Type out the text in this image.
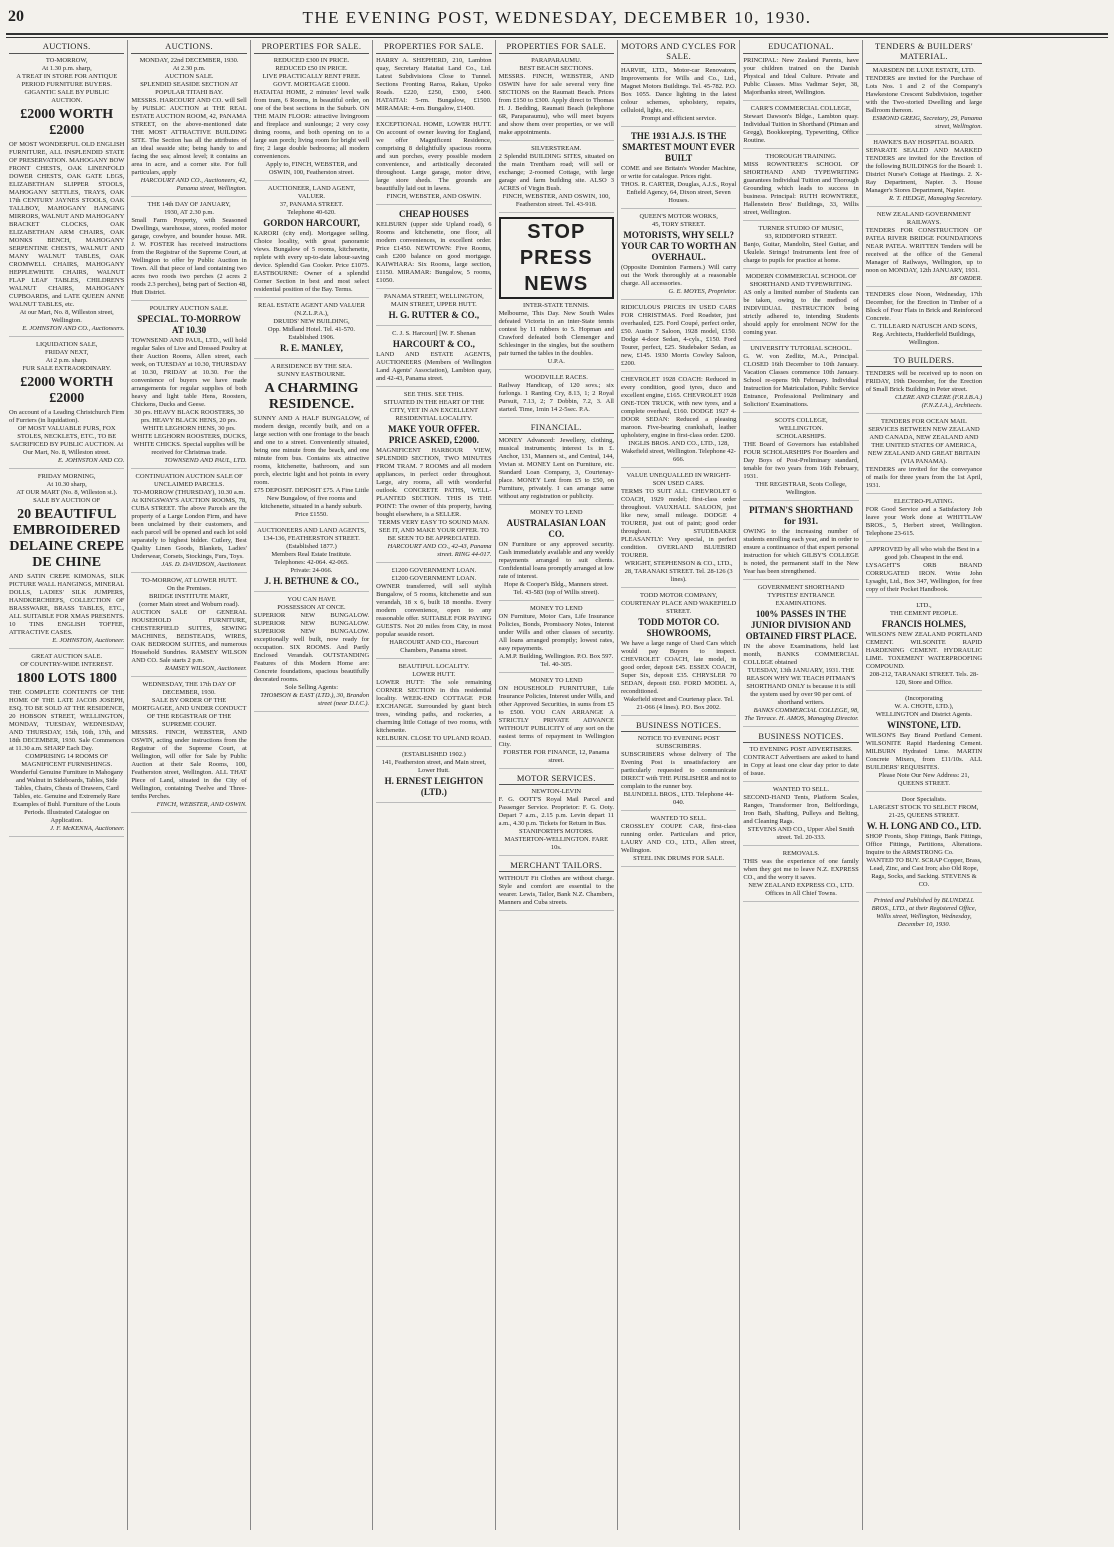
20	THE EVENING POST, WEDNESDAY, DECEMBER 10, 1930.
AUCTIONS.
TO-MORROW,
At 1.30 p.m. sharp,
A TREAT IN STORE FOR ANTIQUE PERIOD FURNITURE BUYERS.
GIGANTIC SALE BY PUBLIC AUCTION.
£2000 WORTH £2000
OF MOST WONDERFUL OLD ENGLISH FURNITURE, ALL INSPLENDID STATE OF PRESERVATION. MAHOGANY BOW FRONT CHESTS, OAK LINENFOLD DOWER CHESTS, OAK GATE LEGS, ELIZABETHAN SLIPPER STOOLS, MAHOGANY SETTLES, TRAYS, OAK 17th CENTURY JAYNES STOOLS, OAK TALLBOY, MAHOGANY HANGING MIRRORS, WALNUT AND MAHOGANY BRACKET CLOCKS, OAK ELIZABETHAN ARM CHAIRS, OAK MONKS BENCH, MAHOGANY SERPENTINE CHESTS, WALNUT AND MANY WALNUT TABLES, OAK CROMWELL CHAIRS, MAHOGANY HEPPLEWHITE CHAIRS, WALNUT FLAP LEAF TABLES, CHILDREN'S WALNUT CHAIRS, MAHOGANY CUPBOARDS, and LATE QUEEN ANNE WALNUT TABLES, etc.
At our Mart, No. 8, Willeston street, Wellington.
E. JOHNSTON AND CO., Auctioneers.
LIQUIDATION SALE,
FRIDAY NEXT,
At 2 p.m. sharp.
FUR SALE EXTRAORDINARY.
£2000 WORTH £2000
On account of a Leading Christchurch Firm of Furriers (in liquidation).
OF MOST VALUABLE FURS, FOX STOLES, NECKLETS, ETC., TO BE SACRIFICED BY PUBLIC AUCTION. At Our Mart, No. 8, Willeston street.
E. JOHNSTON AND CO.
FRIDAY MORNING,
At 10.30 sharp,
AT OUR MART (No. 8, Willeston st.).
SALE BY AUCTION OF
20 BEAUTIFUL EMBROIDERED DELAINE CREPE DE CHINE
AND SATIN CREPE KIMONAS, SILK PICTURE WALL HANGINGS, MINERAL DOLLS, LADIES' SILK JUMPERS, HANDKERCHIEFS, COLLECTION OF BRASSWARE, BRASS TABLES, ETC., ALL SUITABLE FOR XMAS PRESENTS. 10 TINS ENGLISH TOFFEE, ATTRACTIVE CASES.
E. JOHNSTON, Auctioneer.
GREAT AUCTION SALE.
OF COUNTRY-WIDE INTEREST.
1800 LOTS 1800
THE COMPLETE CONTENTS OF THE HOME OF THE LATE JACOB JOSEPH, ESQ. TO BE SOLD AT THE RESIDENCE, 20 HOBSON STREET, WELLINGTON, MONDAY, TUESDAY, WEDNESDAY, AND THURSDAY, 15th, 16th, 17th, and 18th DECEMBER, 1930. Sale Commences at 11.30 a.m. SHARP Each Day.
COMPRISING 14 ROOMS OF MAGNIFICENT FURNISHINGS. Wonderful Genuine Furniture in Mahogany and Walnut in Sideboards, Tables, Side Tables, Chairs, Chests of Drawers, Card Tables, etc. Genuine and Extremely Rare Examples of Buhl. Furniture of the Louis Periods. Illustrated Catalogue on Application.
J. F. McKENNA, Auctioneer.
AUCTIONS.
MONDAY, 22nd DECEMBER, 1930.
At 2.30 p.m.
AUCTION SALE.
SPLENDID SEASIDE SECTION AT POPULAR TITAHI BAY.
MESSRS. HARCOURT AND CO. will Sell by PUBLIC AUCTION at THE REAL ESTATE AUCTION ROOM, 42, PANAMA STREET, on the above-mentioned date THE MOST ATTRACTIVE BUILDING SITE. The Section has all the attributes of an ideal seaside site; being handy to and facing the sea; almost level; it contains an area in acre, and a corner site. For full particulars, apply
HARCOURT AND CO., Auctioneers, 42, Panama street, Wellington.
THE 14th DAY OF JANUARY,
1930, AT 2.30 p.m.
Small Farm Property, with Seasoned Dwellings, warehouse, stores, roofed motor garage, cowbyre, and bounder house. MR. J. W. FOSTER has received instructions from the Registrar of the Supreme Court, at Wellington to offer by Public Auction in Town. All that piece of land containing two acres two roods two perches (2 acres 2 roods 2.3 perches), being part of Section 48, Hutt District.
POULTRY AUCTION SALE.
SPECIAL. TO-MORROW AT 10.30
TOWNSEND AND PAUL, LTD., will hold regular Sales of Live and Dressed Poultry at their Auction Rooms, Allen street, each week, on TUESDAY at 10.30, THURSDAY at 10.30, FRIDAY at 10.30. For the convenience of buyers we have made arrangements for regular supplies of both heavy and light table Hens, Roosters, Chickens, Ducks and Geese.
30 prs. HEAVY BLACK ROOSTERS, 30 prs. HEAVY BLACK HENS, 20 prs. WHITE LEGHORN HENS, 30 prs. WHITE LEGHORN ROOSTERS, DUCKS, WHITE CHICKS. Special supplies will be received for Christmas trade.
TOWNSEND AND PAUL, LTD.
CONTINUATION AUCTION SALE OF UNCLAIMED PARCELS.
TO-MORROW (THURSDAY), 10.30 a.m.
At KINGSWAY'S AUCTION ROOMS, 78, CUBA STREET. The above Parcels are the property of a Large London Firm, and have been unclaimed by their customers, and each parcel will be opened and each lot sold separately to highest bidder. Cutlery, Best Quality Linen Goods, Blankets, Ladies' Underwear, Corsets, Stockings, Furs, Toys.
JAS. D. DAVIDSON, Auctioneer.
TO-MORROW, AT LOWER HUTT.
On the Premises.
BRIDGE INSTITUTE MART,
(corner Main street and Woburn road).
AUCTION SALE OF GENERAL HOUSEHOLD FURNITURE, CHESTERFIELD SUITES, SEWING MACHINES, BEDSTEADS, WIRES, OAK BEDROOM SUITES, and numerous Household Sundries. RAMSEY WILSON AND CO. Sale starts 2 p.m.
RAMSEY WILSON, Auctioneer.
WEDNESDAY, THE 17th DAY OF DECEMBER, 1930.
SALE BY ORDER OF THE MORTGAGEE, AND UNDER CONDUCT OF THE REGISTRAR OF THE SUPREME COURT.
MESSRS. FINCH, WEBSTER, AND OSWIN, acting under instructions from the Registrar of the Supreme Court, at Wellington, will offer for Sale by Public Auction at their Sale Rooms, 100, Featherston street, Wellington. ALL THAT Piece of Land, situated in the City of Wellington, containing Twelve and Three-tenths Perches.
FINCH, WEBSTER, AND OSWIN.
PROPERTIES FOR SALE.
REDUCED £300 IN PRICE.
REDUCED £50 IN PRICE.
LIVE PRACTICALLY RENT FREE.
GOVT. MORTGAGE £1000.
HATAITAI HOME, 2 minutes' level walk from tram, 6 Rooms, in beautiful order, on one of the best sections in the Suburb. ON THE MAIN FLOOR: attractive livingroom and fireplace and sunlounge; 2 very cosy dining rooms, and both opening on to a large sun porch; living room for bright well fire; 2 large double bedrooms; all modern conveniences.
Apply to, FINCH, WEBSTER, and OSWIN, 100, Featherston street.
AUCTIONEER, LAND AGENT,
VALUER.
37, PANAMA STREET.
Telephone 40-620.
GORDON HARCOURT,
KARORI (city end). Mortgagee selling. Choice locality, with great panoramic views. Bungalow of 5 rooms, kitchenette, replete with every up-to-date labour-saving device. Splendid Gas Cooker. Price £1075. EASTBOURNE: Owner of a splendid Corner Section in best and most select residential position of the Bay. Terms.
REAL ESTATE AGENT AND VALUER (N.Z.L.P.A.),
DRUIDS' NEW BUILDING,
Opp. Midland Hotel. Tel. 41-570.
Established 1906.
R. E. MANLEY,
A RESIDENCE BY THE SEA.
SUNNY EASTBOURNE.
A CHARMING RESIDENCE.
SUNNY AND A HALF BUNGALOW, of modern design, recently built, and on a large section with one frontage to the beach and one to a street. Conveniently situated, being one minute from the beach, and one minute from bus. Contains six attractive rooms, kitchenette, bathroom, and sun porch, electric light and hot points in every room.
£75 DEPOSIT. DEPOSIT £75. A Fine Little New Bungalow, of five rooms and kitchenette, situated in a handy suburb. Price £1550.
AUCTIONEERS AND LAND AGENTS,
134-136, FEATHERSTON STREET.
(Established 1877.)
Members Real Estate Institute.
Telephones: 42-064. 42-065.
Private: 24-066.
J. H. BETHUNE & CO.,
YOU CAN HAVE
POSSESSION AT ONCE.
SUPERIOR NEW BUNGALOW. SUPERIOR NEW BUNGALOW. SUPERIOR NEW BUNGALOW. exceptionally well built, now ready for occupation. SIX ROOMS. And Partly Enclosed Verandah. OUTSTANDING Features of this Modern Home are: Concrete foundations, spacious beautifully decorated rooms.
Sole Selling Agents:
THOMSON & EAST (LTD.), 30, Brandon street (near D.I.C.).
PROPERTIES FOR SALE.
HARRY A. SHEPHERD, 210, Lambton quay, Secretary Hataitai Land Co., Ltd. Latest Subdivisions Close to Tunnel. Sections Fronting Raroa, Rakau, Upoko Roads. £220, £250, £300, £400. HATAITAI: 5-rm. Bungalow, £1500. MIRAMAR: 4-rm. Bungalow, £1400.
EXCEPTIONAL HOME, LOWER HUTT. On account of owner leaving for England, we offer Magnificent Residence, comprising 8 delightfully spacious rooms and sun porches, every possible modern convenience, and artistically decorated throughout. Large garage, motor drive, large store sheds. The grounds are beautifully laid out in lawns.
FINCH, WEBSTER, AND OSWIN.
CHEAP HOUSES
KELBURN (upper side Upland road), 6 Rooms and kitchenette, one floor, all modern conveniences, in excellent order. Price £1450. NEWTOWN: Five Rooms, cash £200 balance on good mortgage. KAIWHARA: Six Rooms, large section, £1150. MIRAMAR: Bungalow, 5 rooms, £1050.
PANAMA STREET, WELLINGTON,
MAIN STREET, UPPER HUTT.
H. G. RUTTER & CO.,
C. J. S. Harcourt] [W. F. Shenan
HARCOURT & CO.,
LAND AND ESTATE AGENTS, AUCTIONEERS (Members of Wellington Land Agents' Association), Lambton quay, and 42-43, Panama street.
SEE THIS. SEE THIS.
SITUATED IN THE HEART OF THE CITY, YET IN AN EXCELLENT RESIDENTIAL LOCALITY.
MAKE YOUR OFFER. PRICE ASKED, £2000.
MAGNIFICENT HARBOUR VIEW, SPLENDID SECTION, TWO MINUTES FROM TRAM. 7 ROOMS and all modern appliances, in perfect order throughout. Large, airy rooms, all with wonderful outlook. CONCRETE PATHS, WELL-PLANTED SECTION. THIS IS THE POINT: The owner of this property, having bought elsewhere, is a SELLER.
TERMS VERY EASY TO SOUND MAN. SEE IT, AND MAKE YOUR OFFER. TO BE SEEN TO BE APPRECIATED.
HARCOURT AND CO., 42-43, Panama street. RING 44-017.
£1200 GOVERNMENT LOAN.
£1200 GOVERNMENT LOAN.
OWNER transferred, will sell stylish Bungalow, of 5 rooms, kitchenette and sun verandah, 18 x 6, built 18 months. Every modern convenience, open to any reasonable offer. SUITABLE FOR PAYING GUESTS. Not 20 miles from City, in most popular seaside resort.
HARCOURT AND CO., Harcourt Chambers, Panama street.
BEAUTIFUL LOCALITY.
LOWER HUTT.
LOWER HUTT: The sole remaining CORNER SECTION in this residential locality. WEEK-END COTTAGE FOR EXCHANGE. Surrounded by giant birch trees, winding paths, and rockeries, a charming little Cottage of two rooms, with kitchenette.
KELBURN. CLOSE TO UPLAND ROAD.
(ESTABLISHED 1902.)
141, Featherston street, and Main street, Lower Hutt.
H. ERNEST LEIGHTON (LTD.)
PROPERTIES FOR SALE.
PARAPARAUMU.
BEST BEACH SECTIONS.
MESSRS. FINCH, WEBSTER, AND OSWIN have for sale several very fine SECTIONS on the Raumati Beach. Prices from £150 to £300. Apply direct to Thomas H. J. Bedding, Raumati Beach (telephone 6R, Paraparaumu), who will meet buyers and show them over properties, or we will make appointments.
SILVERSTREAM.
2 Splendid BUILDING SITES, situated on the main Trentham road; will sell or exchange; 2-roomed Cottage, with large garage and farm building site. ALSO 3 ACRES of Virgin Bush.
FINCH, WEBSTER, AND OSWIN, 100, Featherston street. Tel. 43-918.
STOP PRESS NEWS
INTER-STATE TENNIS.
Melbourne, This Day. New South Wales defeated Victoria in an inter-State tennis contest by 11 rubbers to 5. Hopman and Crawford defeated both Clemenger and Schlesinger in the singles, but the southern pair turned the tables in the doubles.
U.P.A.
WOODVILLE RACES.
Railway Handicap, of 120 sovs.; six furlongs. 1 Ranting Cry, 8.13, 1; 2 Royal Pursuit, 7.13, 2; 7 Dobbin, 7.2, 3. All started. Time, 1min 14 2-5sec. P.A.
FINANCIAL.
MONEY Advanced: Jewellery, clothing, musical instruments; interest 1s in £. Anchor, 131, Manners st., and Central, 144, Vivian st. MONEY Lent on Furniture, etc. Standard Loan Company, 3, Courtenay-place. MONEY Lent from £5 to £50, on Furniture, privately. I can arrange same without any registration or publicity.
MONEY TO LEND
AUSTRALASIAN LOAN CO.
ON Furniture or any approved security. Cash immediately available and any weekly repayments arranged to suit clients. Confidential loans promptly arranged at low rate of interest.
Hope & Cooper's Bldg., Manners street. Tel. 43-583 (top of Willis street).
MONEY TO LEND
ON Furniture, Motor Cars, Life Insurance Policies, Bonds, Promissory Notes, Interest under Wills and other classes of security. All loans arranged promptly; lowest rates, easy repayments.
A.M.P. Building, Wellington. P.O. Box 597. Tel. 40-305.
MONEY TO LEND
ON HOUSEHOLD FURNITURE, Life Insurance Policies, Interest under Wills, and other Approved Securities, in sums from £5 to £500. YOU CAN ARRANGE A STRICTLY PRIVATE ADVANCE WITHOUT PUBLICITY of any sort on the easiest terms of repayment in Wellington City.
FORSTER FOR FINANCE, 12, Panama street.
MOTOR SERVICES.
NEWTON-LEVIN
F. G. OOTT'S Royal Mail Parcel and Passenger Service. Proprietor: F. G. Ooty. Depart 7 a.m., 2.15 p.m. Levin depart 11 a.m., 4.30 p.m. Tickets for Return in Bus.
STANIFORTH'S MOTORS. MASTERTON-WELLINGTON. FARE 10s.
MERCHANT TAILORS.
WITHOUT Fit Clothes are without charge. Style and comfort are essential to the wearer. Lewis, Tailor, Bank N.Z. Chambers, Manners and Cuba streets.
MOTORS AND CYCLES FOR SALE.
HARVIE, LTD., Motor-car Renovators, Improvements for Wills and Co., Ltd., Magnet Motors Buildings. Tel. 45-782. P.O. Box 1055. Dance lighting in the latest colour schemes, upholstery, repairs, celluloid, lights, etc.
Prompt and efficient service.
THE 1931 A.J.S. IS THE SMARTEST MOUNT EVER BUILT
COME and see Britain's Wonder Machine, or write for catalogue. Prices right.
THOS. R. CARTER, Douglas, A.J.S., Royal Enfield Agency, 64, Dixon street, Seven Houses.
QUEEN'S MOTOR WORKS,
45, TORY STREET.
MOTORISTS, WHY SELL? YOUR CAR TO WORTH AN OVERHAUL.
(Opposite Dominion Farmers.) Will carry out the Work thoroughly at a reasonable charge. All accessories.
G. E. MOYES, Proprietor.
RIDICULOUS PRICES IN USED CARS FOR CHRISTMAS. Ford Roadster, just overhauled, £25. Ford Coupé, perfect order, £50. Austin 7 Saloon, 1928 model, £150. Dodge 4-door Sedan, 4-cyls., £150. Ford Tourer, perfect, £25. Studebaker Sedan, as new, £145. 1930 Morris Cowley Saloon, £200.
CHEVROLET 1928 COACH: Reduced in every condition, good tyres, duco and excellent engine, £165. CHEVROLET 1928 ONE-TON TRUCK, with new tyres, and a complete overhaul, £160. DODGE 1927 4-DOOR SEDAN: Reduced a pleasing maroon. Five-bearing crankshaft, leather upholstery, engine in first-class order. £200.
INGLIS BROS. AND CO., LTD., 128, Wakefield street, Wellington. Telephone 42-666.
VALUE UNEQUALLED IN WRIGHT-SON USED CARS.
TERMS TO SUIT ALL. CHEVROLET 6 COACH, 1929 model; first-class order throughout. VAUXHALL SALOON, just like new, small mileage. DODGE 4 TOURER, just out of paint; good order throughout. STUDEBAKER PLEASANTLY: Very special, in perfect condition. OVERLAND BLUEBIRD TOURER.
WRIGHT, STEPHENSON & CO., LTD., 28, TARANAKI STREET. Tel. 28-126 (3 lines).
TODD MOTOR COMPANY, COURTENAY PLACE AND WAKEFIELD STREET.
TODD MOTOR CO. SHOWROOMS,
We have a large range of Used Cars which would pay Buyers to inspect. CHEVROLET COACH, late model, in good order, deposit £45. ESSEX COACH, Super Six, deposit £35. CHRYSLER 70 SEDAN, deposit £60. FORD MODEL A, reconditioned.
Wakefield street and Courtenay place. Tel. 21-066 (4 lines). P.O. Box 2002.
BUSINESS NOTICES.
NOTICE TO EVENING POST SUBSCRIBERS.
SUBSCRIBERS whose delivery of The Evening Post is unsatisfactory are particularly requested to communicate DIRECT with THE PUBLISHER and not to complain to the runner boy.
BLUNDELL BROS., LTD. Telephone 44-040.
WANTED TO SELL.
CROSSLEY COUPE CAR, first-class running order. Particulars and price, LAURY AND CO., LTD., Allen street, Wellington.
STEEL INK DRUMS FOR SALE.
EDUCATIONAL.
PRINCIPAL: New Zealand Parents, have your children trained on the Danish Physical and Ideal Culture. Private and Public Classes. Miss Vadimar Sejer, 38, Majoribanks street, Wellington.
CARR'S COMMERCIAL COLLEGE,
Stewart Dawson's Bldge., Lambton quay. Individual Tuition in Shorthand (Pitman and Gregg), Bookkeeping, Typewriting, Office Routine.
THOROUGH TRAINING.
MISS ROWNTREE'S SCHOOL OF SHORTHAND AND TYPEWRITING guarantees Individual Tuition and Thorough Grounding which leads to success in business. Principal: RUTH ROWNTREE, Hallenstein Bros' Buildings, 33, Willis street, Wellington.
TURNER STUDIO OF MUSIC,
93, RIDDIFORD STREET.
Banjo, Guitar, Mandolin, Steel Guitar, and Ukulele. Strings! Instruments lent free of charge to pupils for practice at home.
MODERN COMMERCIAL SCHOOL OF SHORTHAND AND TYPEWRITING.
AS only a limited number of Students can be taken, owing to the method of INDIVIDUAL INSTRUCTION being strictly adhered to, intending Students should apply for enrolment NOW for the coming year.
UNIVERSITY TUTORIAL SCHOOL.
G. W. von Zedlitz, M.A., Principal. CLOSED 16th December to 10th January. Vacation Classes commence 10th January. School re-opens 9th February. Individual Instruction for Matriculation, Public Service Entrance, Professional Preliminary and Solicitors' Examinations.
SCOTS COLLEGE,
WELLINGTON.
SCHOLARSHIPS.
THE Board of Governors has established FOUR SCHOLARSHIPS For Boarders and Day Boys of Post-Preliminary standard, tenable for two years from 16th February, 1931.
THE REGISTRAR, Scots College, Wellington.
PITMAN'S SHORTHAND for 1931.
OWING to the increasing number of students enrolling each year, and in order to ensure a continuance of that expert personal instruction for which GILBY'S COLLEGE is noted, the permanent staff in the New Year has been strengthened.
GOVERNMENT SHORTHAND TYPISTES' ENTRANCE EXAMINATIONS.
100% PASSES IN THE JUNIOR DIVISION AND OBTAINED FIRST PLACE.
IN the above Examinations, held last month, BANKS COMMERCIAL COLLEGE obtained
TUESDAY, 13th JANUARY, 1931. THE REASON WHY WE TEACH PITMAN'S SHORTHAND ONLY is because it is still the system used by over 90 per cent. of shorthand writers.
BANKS COMMERCIAL COLLEGE, 98, The Terrace. H. AMOS, Managing Director.
BUSINESS NOTICES.
TO EVENING POST ADVERTISERS.
CONTRACT Advertisers are asked to hand in Copy at least one clear day prior to date of issue.
WANTED TO SELL.
SECOND-HAND Tents, Platform Scales, Ranges, Transformer Iron, Beltfordings, Iron Bath, Shafting, Pulleys and Belting, and Cleaning Rags.
STEVENS AND CO., Upper Abel Smith street. Tel. 20-333.
REMOVALS.
THIS was the experience of one family when they got me to leave N.Z. EXPRESS CO., and the worry it saves.
NEW ZEALAND EXPRESS CO., LTD. Offices in All Chief Towns.
TENDERS & BUILDERS' MATERIAL.
MARSDEN DE LUXE ESTATE, LTD.
TENDERS are invited for the Purchase of Lots Nos. 1 and 2 of the Company's Hawkestone Crescent Subdivision, together with the Two-storied Dwelling and large Ballroom thereon.
ESMOND GREIG, Secretary, 29, Panama street, Wellington.
HAWKE'S BAY HOSPITAL BOARD.
SEPARATE SEALED AND MARKED TENDERS are invited for the Erection of the following BUILDINGS for the Board: 1. District Nurse's Cottage at Hastings. 2. X-Ray Department, Napier. 3. House Manager's Stores Department, Napier.
R. T. HEDGE, Managing Secretary.
NEW ZEALAND GOVERNMENT RAILWAYS.
TENDERS FOR CONSTRUCTION OF PATEA RIVER BRIDGE FOUNDATIONS NEAR PATEA. WRITTEN Tenders will be received at the office of the General Manager of Railways, Wellington, up to noon on MONDAY, 12th JANUARY, 1931.
BY ORDER.
TENDERS close Noon, Wednesday, 17th December, for the Erection in Timber of a Block of Four Flats in Brick and Reinforced Concrete.
C. TILLEARD NATUSCH AND SONS, Reg. Architects, Hudderfield Buildings, Wellington.
TO BUILDERS.
TENDERS will be received up to noon on FRIDAY, 19th December, for the Erection of Small Brick Building in Peter street.
CLERE AND CLERE (F.R.I.B.A.) (F.N.Z.I.A.), Architects.
TENDERS FOR OCEAN MAIL SERVICES BETWEEN NEW ZEALAND AND CANADA, NEW ZEALAND AND THE UNITED STATES OF AMERICA, NEW ZEALAND AND GREAT BRITAIN (VIA PANAMA).
TENDERS are invited for the conveyance of mails for three years from the 1st April, 1931.
ELECTRO-PLATING.
FOR Good Service and a Satisfactory Job leave your Work done at WHITTLAW BROS., 5, Herbert street, Wellington. Telephone 23-615.
APPROVED by all who wish the Best in a good job. Cheapest in the end.
LYSAGHT'S ORB BRAND CORRUGATED IRON. Write John Lysaght, Ltd., Box 347, Wellington, for free copy of their Pocket Handbook.
LTD.,
THE CEMENT PEOPLE.
FRANCIS HOLMES,
WILSON'S NEW ZEALAND PORTLAND CEMENT. WILSONITE RAPID HARDENING CEMENT. HYDRAULIC LIME. TOXEMENT WATERPROOFING COMPOUND.
208-212, TARANAKI STREET. Tels. 28-120, Store and Office.
(Incorporating
W. A. CHOTE, LTD.),
WELLINGTON and District Agents.
WINSTONE, LTD.
WILSON'S Bay Brand Portland Cement. WILSONITE Rapid Hardening Cement. MILBURN Hydrated Lime. MARTIN Concrete Mixers, from £11/10s. ALL BUILDERS' REQUISITES.
Please Note Our New Address: 21, QUEENS STREET.
Door Specialists.
LARGEST STOCK TO SELECT FROM,
21-25, QUEENS STREET.
W. H. LONG AND CO., LTD.
SHOP Fronts, Shop Fittings, Bank Fittings, Office Fittings, Partitions, Alterations. Inquire to the ARMSTRONG Co.
WANTED TO BUY. SCRAP Copper, Brass, Lead, Zinc, and Cast Iron; also Old Rope, Rags, Socks, and Sacking. STEVENS & CO.
Printed and Published by BLUNDELL BROS., LTD., at their Registered Office, Willis street, Wellington, Wednesday, December 10, 1930.
